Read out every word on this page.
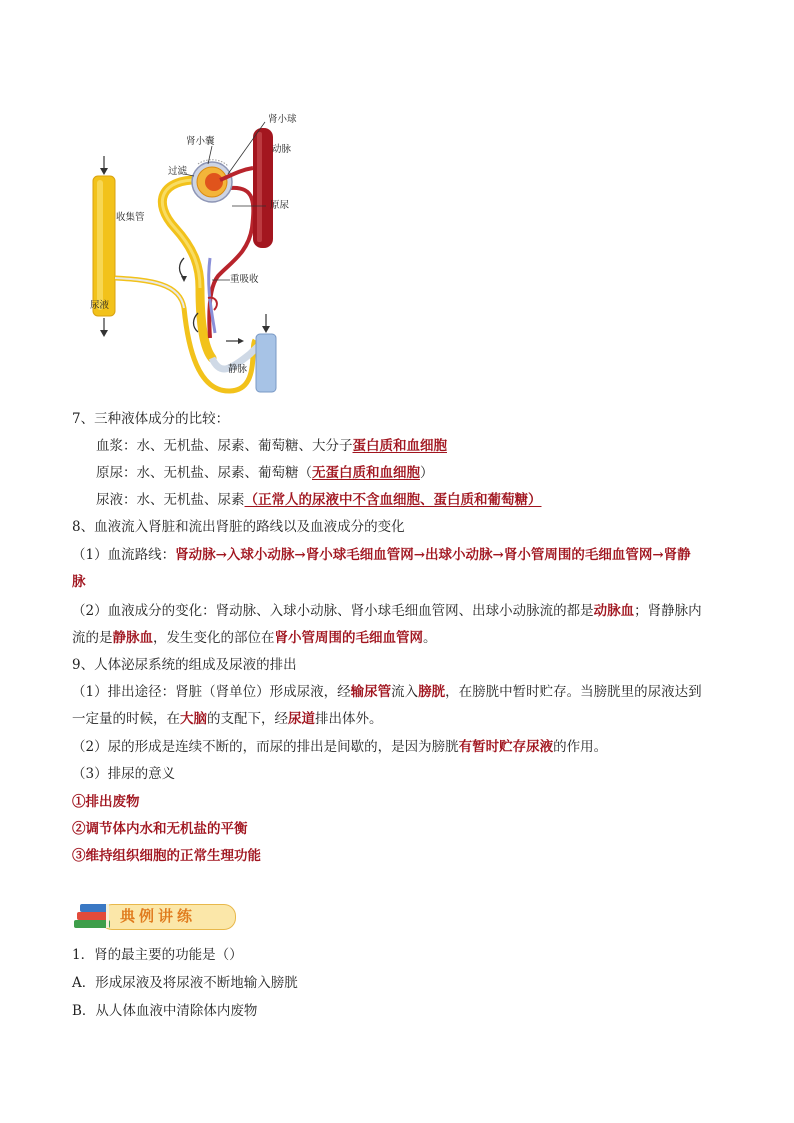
肾小球
肾小囊
过滤
动脉
收集管
原尿
重吸收
尿液
静脉
7、三种液体成分的比较：
血浆：水、无机盐、尿素、葡萄糖、大分子蛋白质和血细胞
原尿：水、无机盐、尿素、葡萄糖（无蛋白质和血细胞）
尿液：水、无机盐、尿素（正常人的尿液中不含血细胞、蛋白质和葡萄糖）
8、血液流入肾脏和流出肾脏的路线以及血液成分的变化
（1）血流路线：肾动脉→入球小动脉→肾小球毛细血管网→出球小动脉→肾小管周围的毛细血管网→肾静
脉
（2）血液成分的变化：肾动脉、入球小动脉、肾小球毛细血管网、出球小动脉流的都是动脉血；肾静脉内
流的是静脉血，发生变化的部位在肾小管周围的毛细血管网。
9、人体泌尿系统的组成及尿液的排出
（1）排出途径：肾脏（肾单位）形成尿液，经输尿管流入膀胱，在膀胱中暂时贮存。当膀胱里的尿液达到
一定量的时候，在大脑的支配下，经尿道排出体外。
（2）尿的形成是连续不断的，而尿的排出是间歇的，是因为膀胱有暂时贮存尿液的作用。
（3）排尿的意义
①排出废物
②调节体内水和无机盐的平衡
③维持组织细胞的正常生理功能
典例讲练
1．肾的最主要的功能是（）
A．形成尿液及将尿液不断地输入膀胱
B．从人体血液中清除体内废物
